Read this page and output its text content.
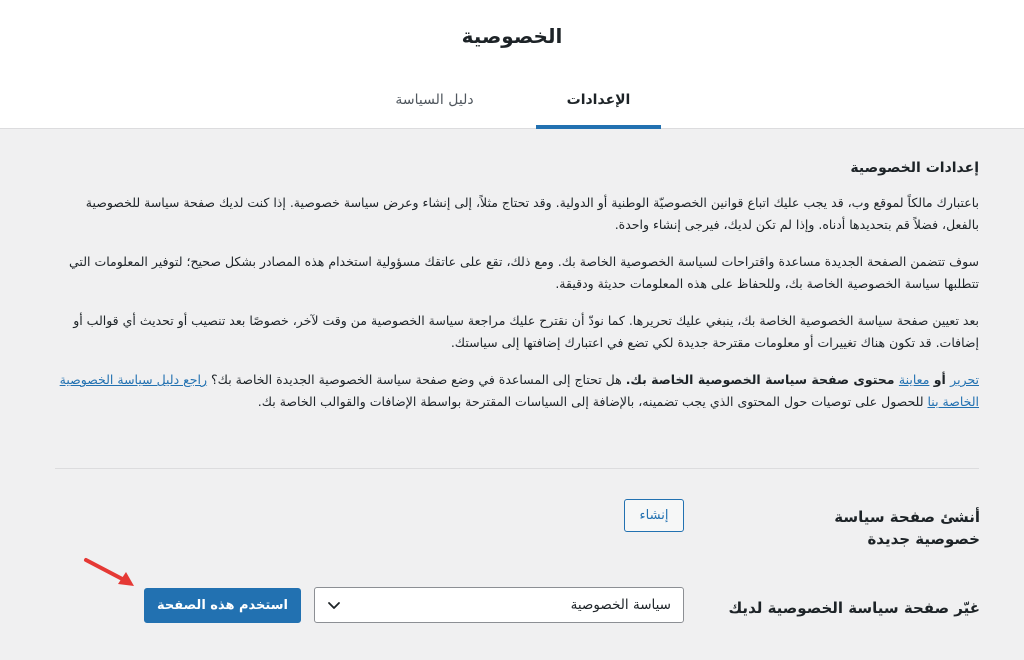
الخصوصية
الإعدادات
دليل السياسة
إعدادات الخصوصية

باعتبارك مالكاً لموقع وب، قد يجب عليك اتباع قوانين الخصوصيّة الوطنية أو الدولية. وقد تحتاج مثلاً، إلى إنشاء وعرض سياسة خصوصية. إذا كنت لديك صفحة سياسة للخصوصية بالفعل، فضلاً قم بتحديدها أدناه. وإذا لم تكن لديك، فيرجى إنشاء واحدة.

سوف تتضمن الصفحة الجديدة مساعدة واقتراحات لسياسة الخصوصية الخاصة بك. ومع ذلك، تقع على عاتقك مسؤولية استخدام هذه المصادر بشكل صحيح؛ لتوفير المعلومات التي تتطلبها سياسة الخصوصية الخاصة بك، وللحفاظ على هذه المعلومات حديثة ودقيقة.

بعد تعيين صفحة سياسة الخصوصية الخاصة بك، ينبغي عليك تحريرها. كما نودّ أن نقترح عليك مراجعة سياسة الخصوصية من وقت لآخر، خصوصًا بعد تنصيب أو تحديث أي قوالب أو إضافات. قد تكون هناك تغييرات أو معلومات مقترحة جديدة لكي تضع في اعتبارك إضافتها إلى سياستك.

تحرير أو معاينة محتوى صفحة سياسة الخصوصية الخاصة بك. هل تحتاج إلى المساعدة في وضع صفحة سياسة الخصوصية الجديدة الخاصة بك؟ راجع دليل سياسة الخصوصية الخاصة بنا للحصول على توصيات حول المحتوى الذي يجب تضمينه، بالإضافة إلى السياسات المقترحة بواسطة الإضافات والقوالب الخاصة بك.

أنشئ صفحة سياسة خصوصية جديدة
إنشاء
غيّر صفحة سياسة الخصوصية لديك
سياسة الخصوصية
استخدم هذه الصفحة
